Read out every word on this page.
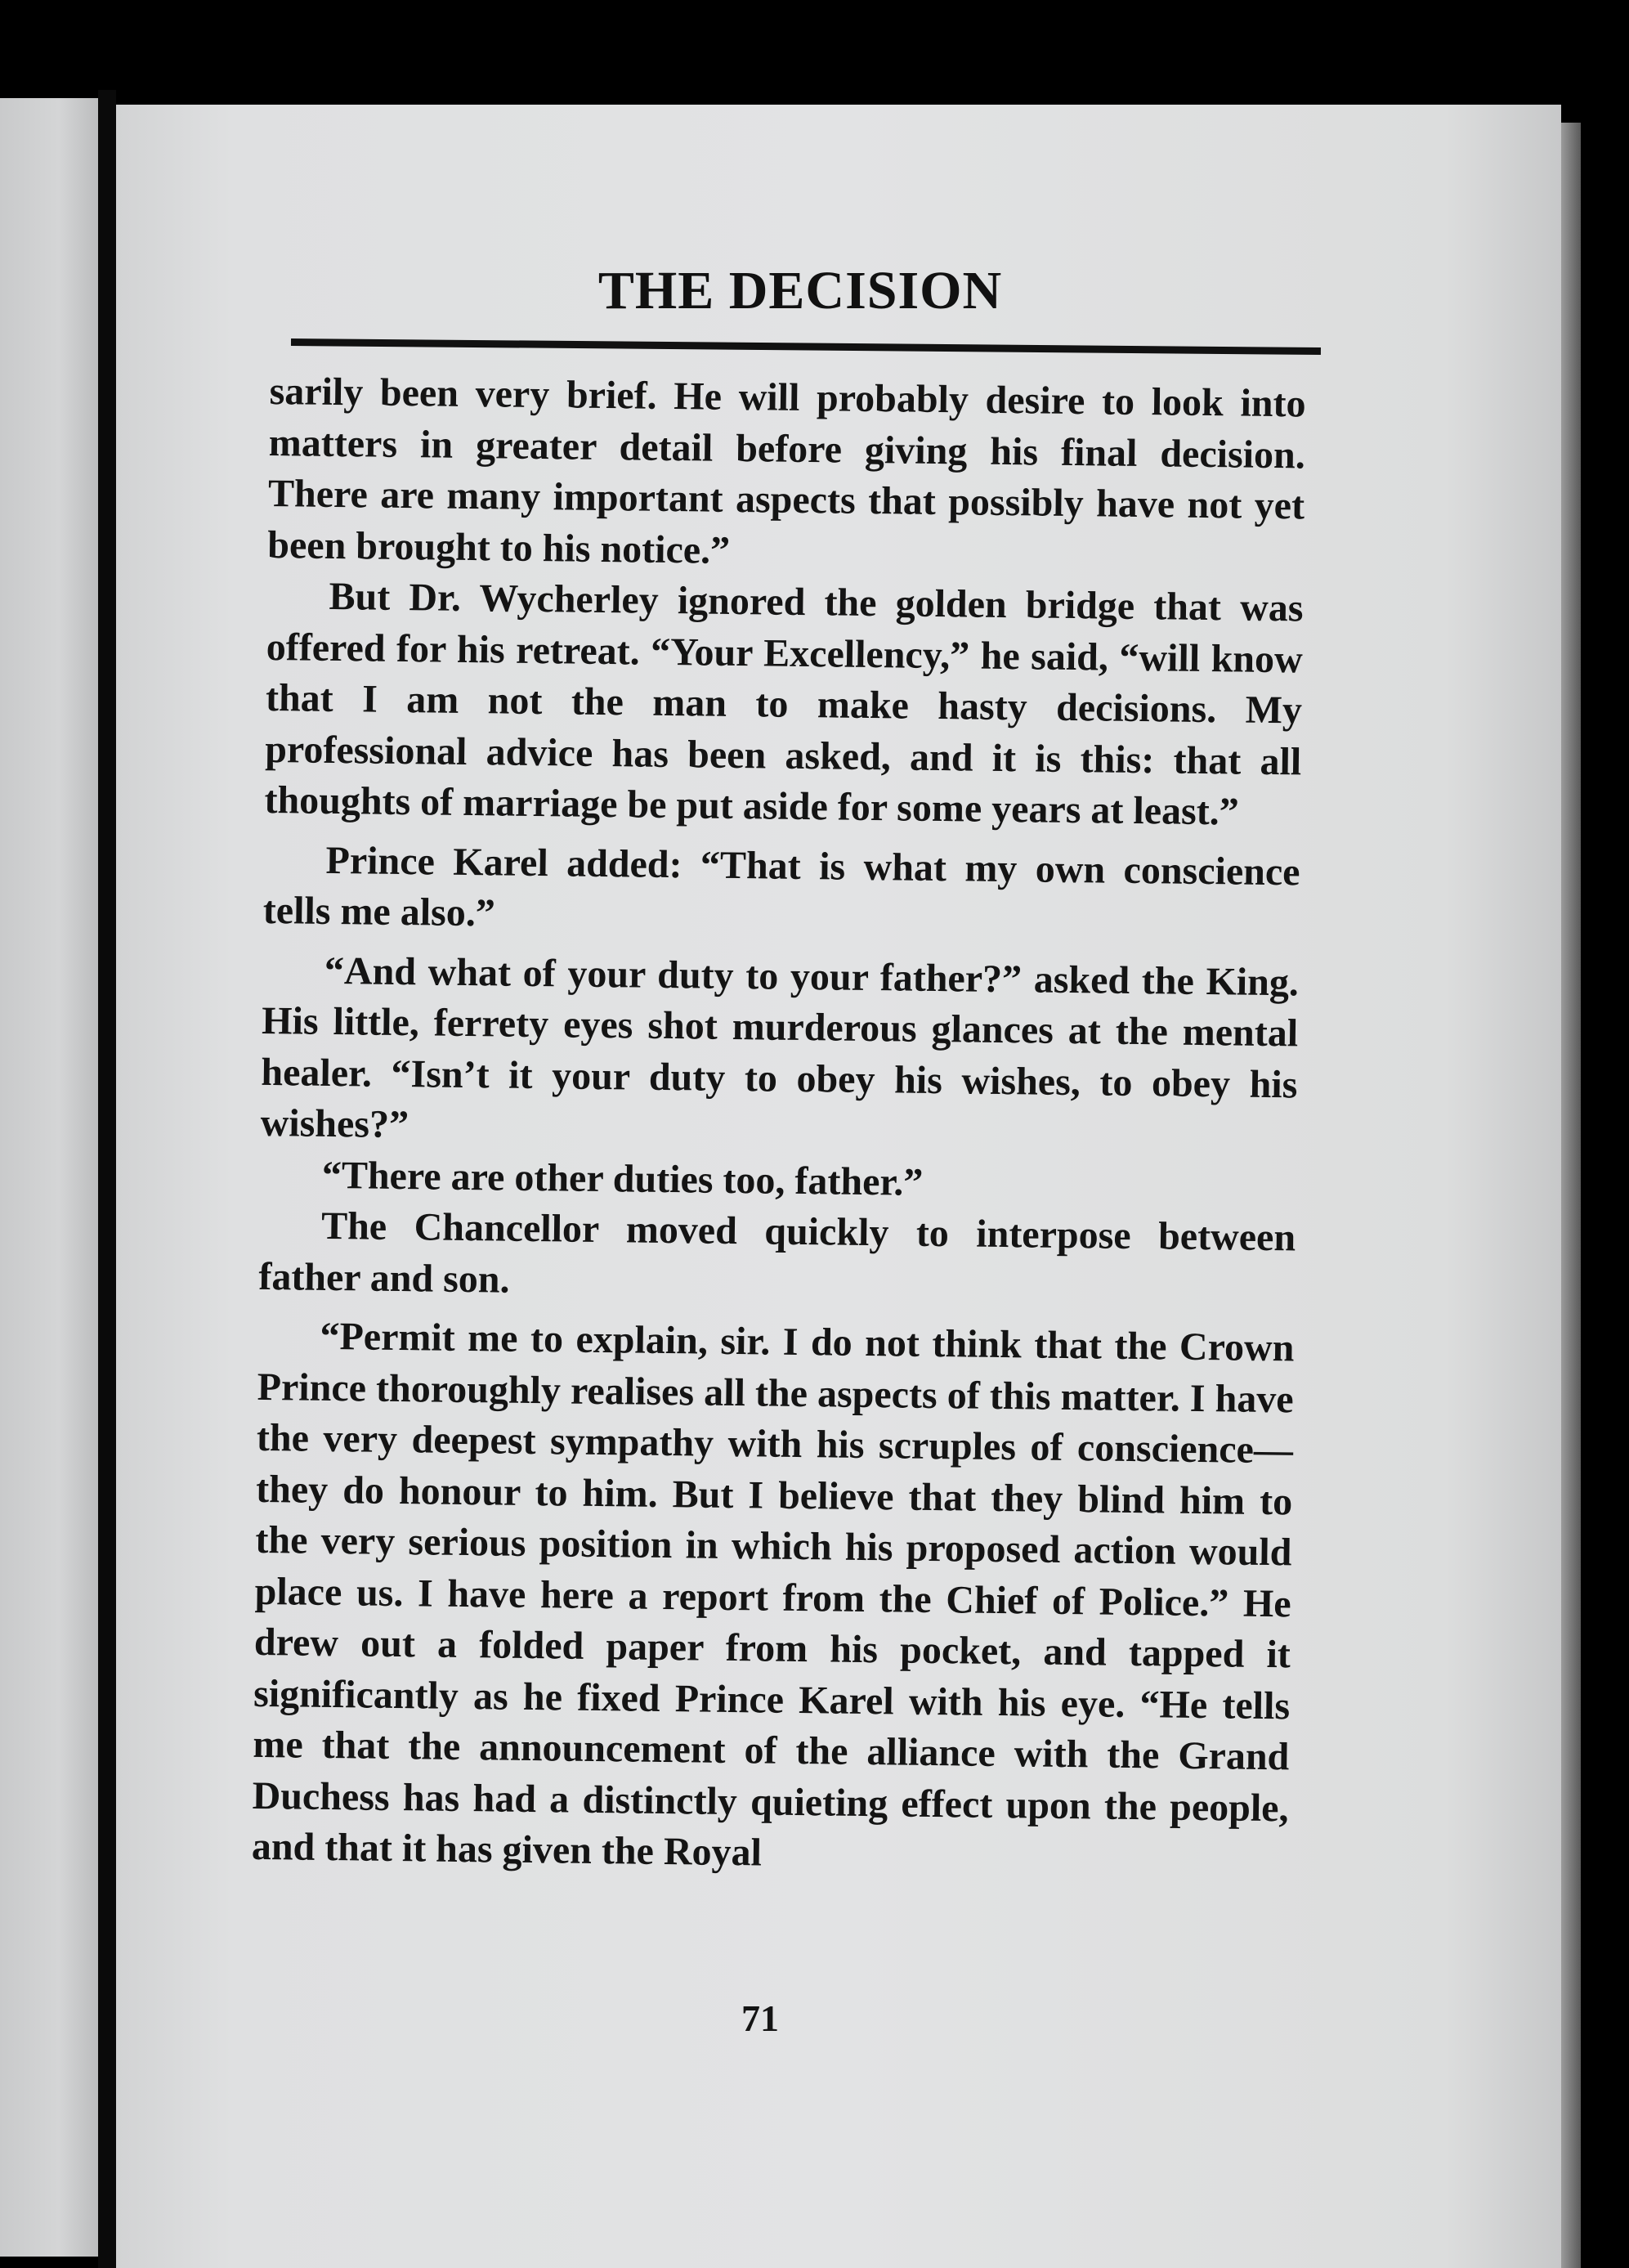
THE DECISION

sarily been very brief. He will probably desire to look into matters in greater detail before giving his final decision. There are many important aspects that possibly have not yet been brought to his notice.”

But Dr. Wycherley ignored the golden bridge that was offered for his retreat. “Your Excellency,” he said, “will know that I am not the man to make hasty decisions. My professional advice has been asked, and it is this: that all thoughts of marriage be put aside for some years at least.”

Prince Karel added: “That is what my own conscience tells me also.”

“And what of your duty to your father?” asked the King. His little, ferrety eyes shot murderous glances at the mental healer. “Isn’t it your duty to obey his wishes, to obey his wishes?”

“There are other duties too, father.”

The Chancellor moved quickly to interpose between father and son.

“Permit me to explain, sir. I do not think that the Crown Prince thoroughly realises all the aspects of this matter. I have the very deepest sympathy with his scruples of conscience—they do honour to him. But I believe that they blind him to the very serious position in which his proposed action would place us. I have here a report from the Chief of Police.” He drew out a folded paper from his pocket, and tapped it significantly as he fixed Prince Karel with his eye. “He tells me that the announcement of the alliance with the Grand Duchess has had a distinctly quieting effect upon the people, and that it has given the Royal

71
